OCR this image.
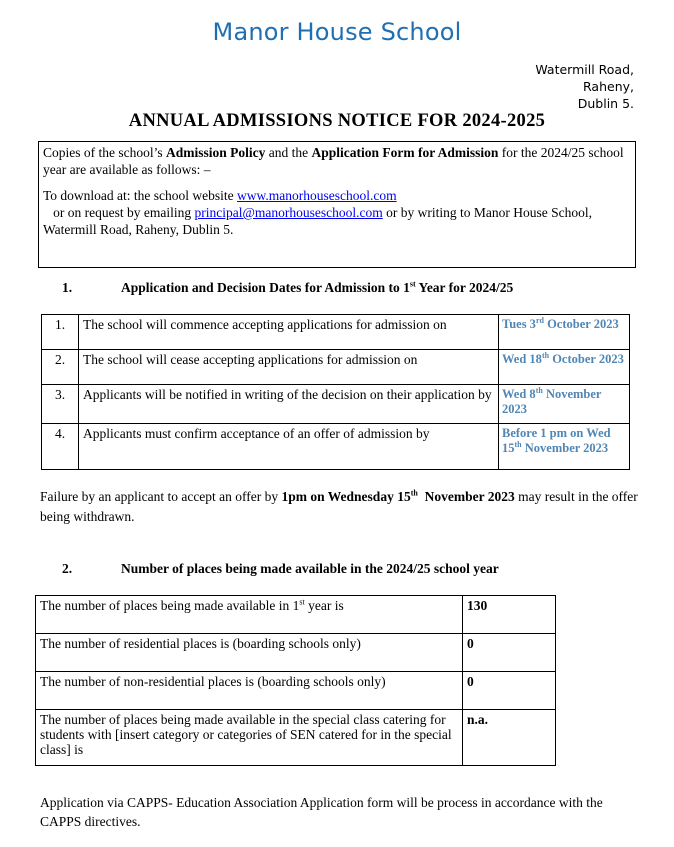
Manor House School
Watermill Road,
Raheny,
Dublin 5.
ANNUAL ADMISSIONS NOTICE FOR 2024-2025

Copies of the school’s Admission Policy and the Application Form for Admission for the 2024/25 school year are available as follows: –

To download at: the school website www.manorhouseschool.com   or on request by emailing principal@manorhouseschool.com or by writing to Manor House School, Watermill Road, Raheny, Dublin 5.

1.	Application and Decision Dates for Admission to 1st Year for 2024/25
1.	The school will commence accepting applications for admission on	Tues 3rd October 2023
2.	The school will cease accepting applications for admission on	Wed 18th October 2023
3.	Applicants will be notified in writing of the decision on their application by	Wed 8th November 2023
4.	Applicants must confirm acceptance of an offer of admission by	Before 1 pm on Wed 15th November 2023
Failure by an applicant to accept an offer by 1pm on Wednesday 15th  November 2023 may result in the offer being withdrawn.
2.	Number of places being made available in the 2024/25 school year
The number of places being made available in 1st year is	130
The number of residential places is (boarding schools only)	0
The number of non-residential places is (boarding schools only)	0
The number of places being made available in the special class catering for students with [insert category or categories of SEN catered for in the special class] is	n.a.
Application via CAPPS- Education Association Application form will be process in accordance with the CAPPS directives.
